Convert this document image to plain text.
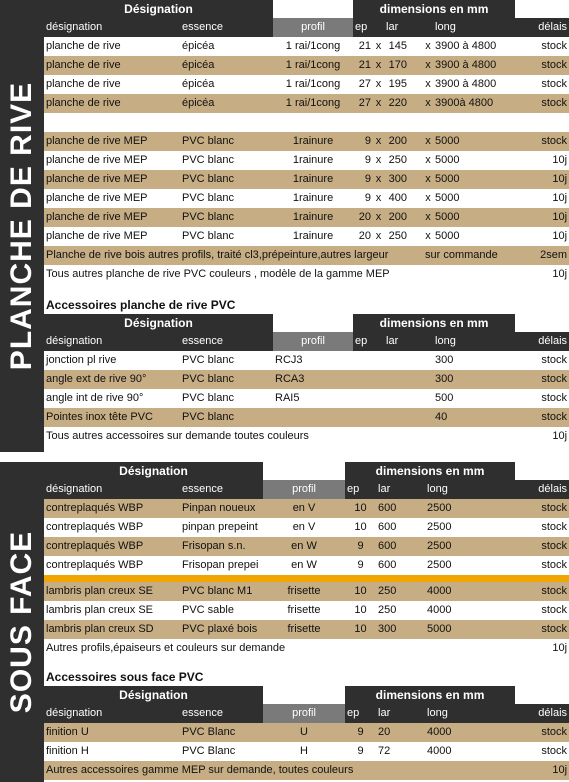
PLANCHE DE RIVE
SOUS FACE
Désignation			dimensions en mm						
désignation	essence	profil	ep		lar			long	délais
planche de rive	épicéa	1 rai/1cong	21	x	145		x	3900 à 4800	stock
planche de rive	épicéa	1 rai/1cong	21	x	170		x	3900 à 4800	stock
planche de rive	épicéa	1 rai/1cong	27	x	195		x	3900 à 4800	stock
planche de rive	épicéa	1 rai/1cong	27	x	220		x	3900à 4800	stock

planche de rive MEP	PVC blanc	1rainure	9	x	200		x	5000	stock
planche de rive MEP	PVC blanc	1rainure	9	x	250		x	5000	10j
planche de rive MEP	PVC blanc	1rainure	9	x	300		x	5000	10j
planche de rive MEP	PVC blanc	1rainure	9	x	400		x	5000	10j
planche de rive MEP	PVC blanc	1rainure	20	x	200		x	5000	10j
planche de rive MEP	PVC blanc	1rainure	20	x	250		x	5000	10j
Planche de rive bois autres profils, traité cl3,prépeinture,autres largeur							sur commande		2sem
Tous autres planche de rive PVC couleurs , modèle de la gamme MEP									10j
Accessoires planche de rive PVC
Désignation			dimensions en mm			
désignation	essence	profil	ep	lar	long	délais
jonction pl rive	PVC blanc	RCJ3			300	stock
angle ext de rive 90°	PVC blanc	RCA3			300	stock
angle int de rive 90°	PVC blanc	RAI5			500	stock
Pointes inox tête PVC	PVC blanc				40	stock
Tous autres accessoires sur demande toutes couleurs						10j
Désignation			dimensions en mm			
désignation	essence	profil	ep	lar	long	délais
contreplaqués WBP	Pinpan noueux	en V	10	600	2500	stock
contreplaqués WBP	pinpan prepeint	en V	10	600	2500	stock
contreplaqués WBP	Frisopan s.n.	en W	9	600	2500	stock
contreplaqués WBP	Frisopan prepei	en W	9	600	2500	stock

lambris plan creux SE	PVC blanc M1	frisette	10	250	4000	stock
lambris plan creux SE	PVC sable	frisette	10	250	4000	stock
lambris plan creux SD	PVC plaxé bois	frisette	10	300	5000	stock
Autres profils,épaiseurs et couleurs sur demande						10j
Accessoires sous face PVC
Désignation			dimensions en mm			
désignation	essence	profil	ep	lar	long	délais
finition U	PVC Blanc	U	9	20	4000	stock
finition H	PVC Blanc	H	9	72	4000	stock
Autres accessoires gamme MEP sur demande, toutes couleurs						10j
